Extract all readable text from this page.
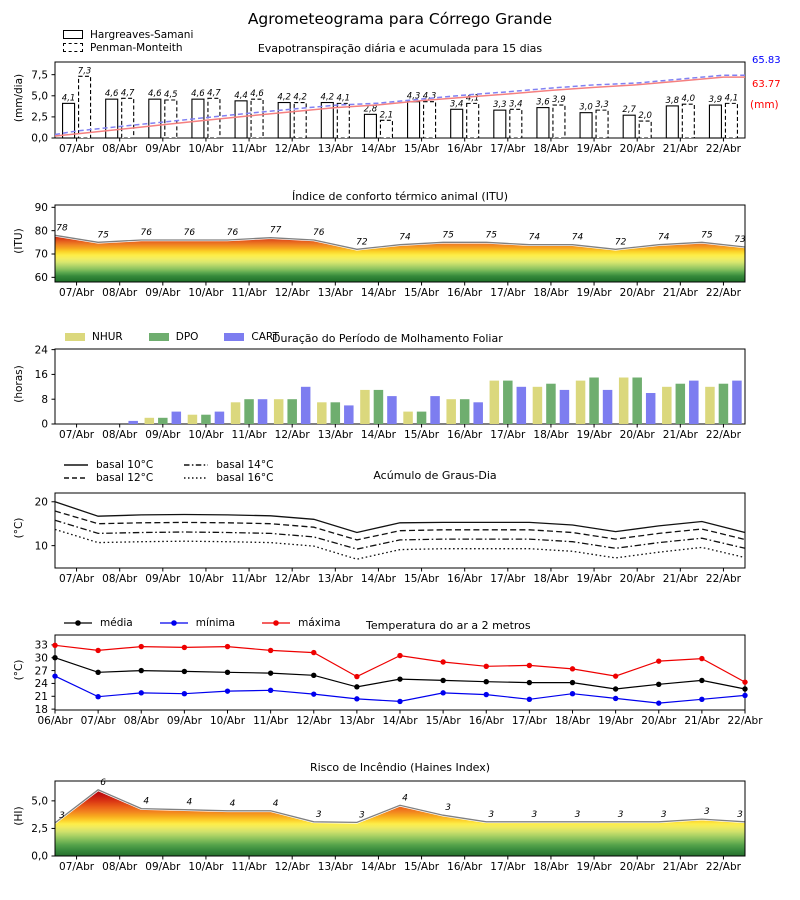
0,0
2,5
5,0
7,5
07/Abr 08/Abr 09/Abr 10/Abr 11/Abr 12/Abr 13/Abr 14/Abr 15/Abr 16/Abr 17/Abr 18/Abr 19/Abr 20/Abr 21/Abr 22/Abr
4,1	4,6	4,6	4,6	4,4	4,2	4,2
2,8
4,3
3,4	3,3	3,6
3,0	2,7
3,8	3,9
7,3
4,7	4,5	4,7	4,6	4,2	4,1
2,1
4,3	4,1
3,4	3,9
3,3
2,0
4,0	4,1
78
75	76	76	76	77	76
72	74	75	75	74	74	72	74	75 73
60
70
80
90
07/Abr 08/Abr 09/Abr 10/Abr 11/Abr 12/Abr 13/Abr 14/Abr 15/Abr 16/Abr 17/Abr 18/Abr 19/Abr 20/Abr 21/Abr 22/Abr
0
8
16
24
07/Abr 08/Abr 09/Abr 10/Abr 11/Abr 12/Abr 13/Abr 14/Abr 15/Abr 16/Abr 17/Abr 18/Abr 19/Abr 20/Abr 21/Abr 22/Abr
10
20
07/Abr 08/Abr 09/Abr 10/Abr 11/Abr 12/Abr 13/Abr 14/Abr 15/Abr 16/Abr 17/Abr 18/Abr 19/Abr 20/Abr 21/Abr 22/Abr
18
21
24
27
30
33
06/Abr 07/Abr 08/Abr 09/Abr 10/Abr 11/Abr 12/Abr 13/Abr 14/Abr 15/Abr 16/Abr 17/Abr 18/Abr 19/Abr 20/Abr 21/Abr 22/Abr
3
6
4	4	4	4
3	3
4
3
3	3	3	3	3	3	3
0,0
2,5
5,0
07/Abr 08/Abr 09/Abr 10/Abr 11/Abr 12/Abr 13/Abr 14/Abr 15/Abr 16/Abr 17/Abr 18/Abr 19/Abr 20/Abr 21/Abr 22/Abr
Agrometeograma para Córrego Grande
Evapotranspiração diária e acumulada para 15 dias
(mm/dia)
Hargreaves-Samani
Penman-Monteith
65.83
63.77
(mm)
Índice de conforto térmico animal (ITU)
(ITU)
Duração do Período de Molhamento Foliar
(horas)
NHUR	DPO	CART
Acúmulo de Graus-Dia
(°C)
basal 10°C
basal 12°C
basal 14°C
basal 16°C
Temperatura do ar a 2 metros
(°C)
média	mínima	máxima
Risco de Incêndio (Haines Index)
(HI)
